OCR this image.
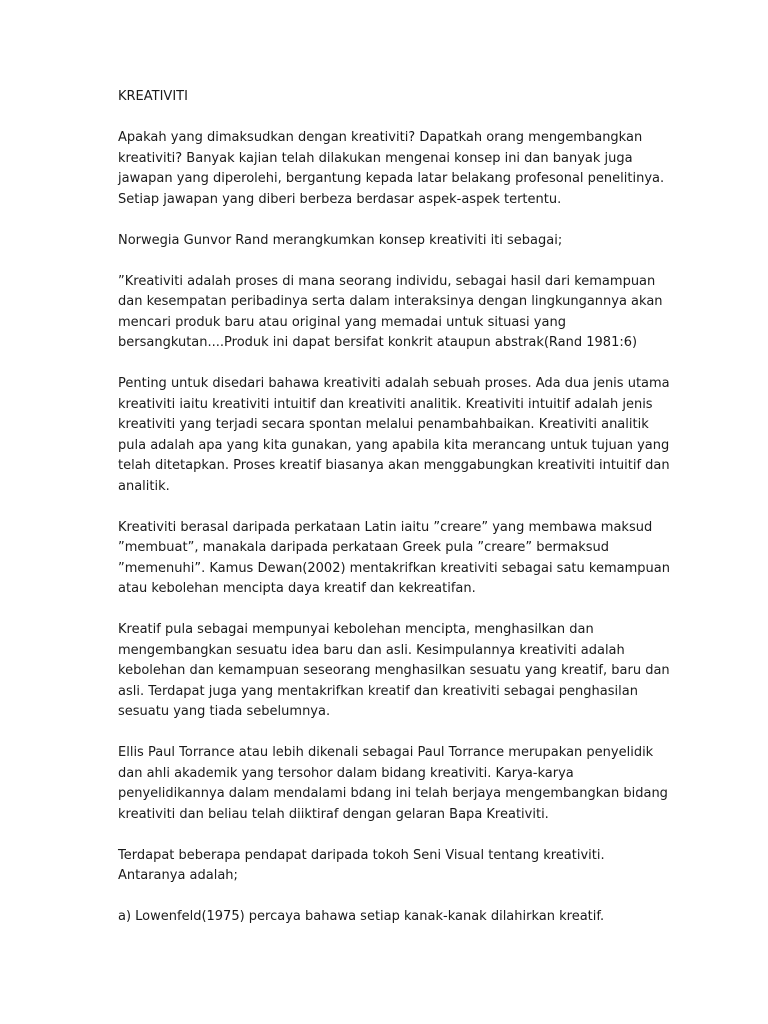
KREATIVITI
Apakah yang dimaksudkan dengan kreativiti? Dapatkah orang mengembangkan
kreativiti? Banyak kajian telah dilakukan mengenai konsep ini dan banyak juga
jawapan yang diperolehi, bergantung kepada latar belakang profesonal penelitinya.
Setiap jawapan yang diberi berbeza berdasar aspek-aspek tertentu.
Norwegia Gunvor Rand merangkumkan konsep kreativiti iti sebagai;
”Kreativiti adalah proses di mana seorang individu, sebagai hasil dari kemampuan
dan kesempatan peribadinya serta dalam interaksinya dengan lingkungannya akan
mencari produk baru atau original yang memadai untuk situasi yang
bersangkutan....Produk ini dapat bersifat konkrit ataupun abstrak(Rand 1981:6)
Penting untuk disedari bahawa kreativiti adalah sebuah proses. Ada dua jenis utama
kreativiti iaitu kreativiti intuitif dan kreativiti analitik. Kreativiti intuitif adalah jenis
kreativiti yang terjadi secara spontan melalui penambahbaikan. Kreativiti analitik
pula adalah apa yang kita gunakan, yang apabila kita merancang untuk tujuan yang
telah ditetapkan. Proses kreatif biasanya akan menggabungkan kreativiti intuitif dan
analitik.
Kreativiti berasal daripada perkataan Latin iaitu ”creare” yang membawa maksud
”membuat”, manakala daripada perkataan Greek pula ”creare” bermaksud
”memenuhi”. Kamus Dewan(2002) mentakrifkan kreativiti sebagai satu kemampuan
atau kebolehan mencipta daya kreatif dan kekreatifan.
Kreatif pula sebagai mempunyai kebolehan mencipta, menghasilkan dan
mengembangkan sesuatu idea baru dan asli. Kesimpulannya kreativiti adalah
kebolehan dan kemampuan seseorang menghasilkan sesuatu yang kreatif, baru dan
asli. Terdapat juga yang mentakrifkan kreatif dan kreativiti sebagai penghasilan
sesuatu yang tiada sebelumnya.
Ellis Paul Torrance atau lebih dikenali sebagai Paul Torrance merupakan penyelidik
dan ahli akademik yang tersohor dalam bidang kreativiti. Karya-karya
penyelidikannya dalam mendalami bdang ini telah berjaya mengembangkan bidang
kreativiti dan beliau telah diiktiraf dengan gelaran Bapa Kreativiti.
Terdapat beberapa pendapat daripada tokoh Seni Visual tentang kreativiti.
Antaranya adalah;
a) Lowenfeld(1975) percaya bahawa setiap kanak-kanak dilahirkan kreatif.
